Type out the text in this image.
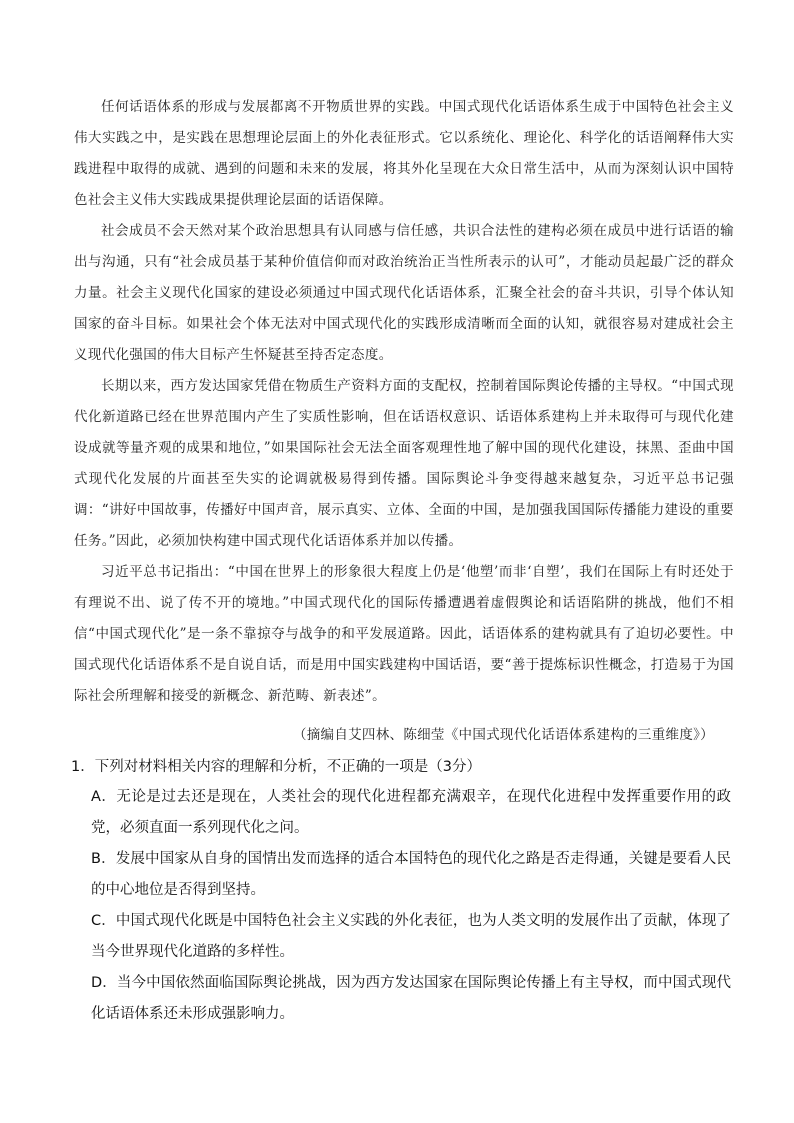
任何话语体系的形成与发展都离不开物质世界的实践。中国式现代化话语体系生成于中国特色社会主义伟大实践之中，是实践在思想理论层面上的外化表征形式。它以系统化、理论化、科学化的话语阐释伟大实践进程中取得的成就、遇到的问题和未来的发展，将其外化呈现在大众日常生活中，从而为深刻认识中国特色社会主义伟大实践成果提供理论层面的话语保障。

社会成员不会天然对某个政治思想具有认同感与信任感，共识合法性的建构必须在成员中进行话语的输出与沟通，只有“社会成员基于某种价值信仰而对政治统治正当性所表示的认可”，才能动员起最广泛的群众力量。社会主义现代化国家的建设必须通过中国式现代化话语体系，汇聚全社会的奋斗共识，引导个体认知国家的奋斗目标。如果社会个体无法对中国式现代化的实践形成清晰而全面的认知，就很容易对建成社会主义现代化强国的伟大目标产生怀疑甚至持否定态度。

长期以来，西方发达国家凭借在物质生产资料方面的支配权，控制着国际舆论传播的主导权。“中国式现代化新道路已经在世界范围内产生了实质性影响，但在话语权意识、话语体系建构上并未取得可与现代化建设成就等量齐观的成果和地位，”如果国际社会无法全面客观理性地了解中国的现代化建设，抹黑、歪曲中国式现代化发展的片面甚至失实的论调就极易得到传播。国际舆论斗争变得越来越复杂，习近平总书记强调：“讲好中国故事，传播好中国声音，展示真实、立体、全面的中国，是加强我国国际传播能力建设的重要任务。”因此，必须加快构建中国式现代化话语体系并加以传播。

习近平总书记指出：“中国在世界上的形象很大程度上仍是‘他塑’而非‘自塑’，我们在国际上有时还处于有理说不出、说了传不开的境地。”中国式现代化的国际传播遭遇着虚假舆论和话语陷阱的挑战，他们不相信“中国式现代化”是一条不靠掠夺与战争的和平发展道路。因此，话语体系的建构就具有了迫切必要性。中国式现代化话语体系不是自说自话，而是用中国实践建构中国话语，要“善于提炼标识性概念，打造易于为国际社会所理解和接受的新概念、新范畴、新表述”。

（摘编自艾四林、陈细莹《中国式现代化话语体系建构的三重维度》）
1．下列对材料相关内容的理解和分析，不正确的一项是（3分）
A．无论是过去还是现在，人类社会的现代化进程都充满艰辛，在现代化进程中发挥重要作用的政党，必须直面一系列现代化之问。
B．发展中国家从自身的国情出发而选择的适合本国特色的现代化之路是否走得通，关键是要看人民的中心地位是否得到坚持。
C．中国式现代化既是中国特色社会主义实践的外化表征，也为人类文明的发展作出了贡献，体现了当今世界现代化道路的多样性。
D．当今中国依然面临国际舆论挑战，因为西方发达国家在国际舆论传播上有主导权，而中国式现代化话语体系还未形成强影响力。
